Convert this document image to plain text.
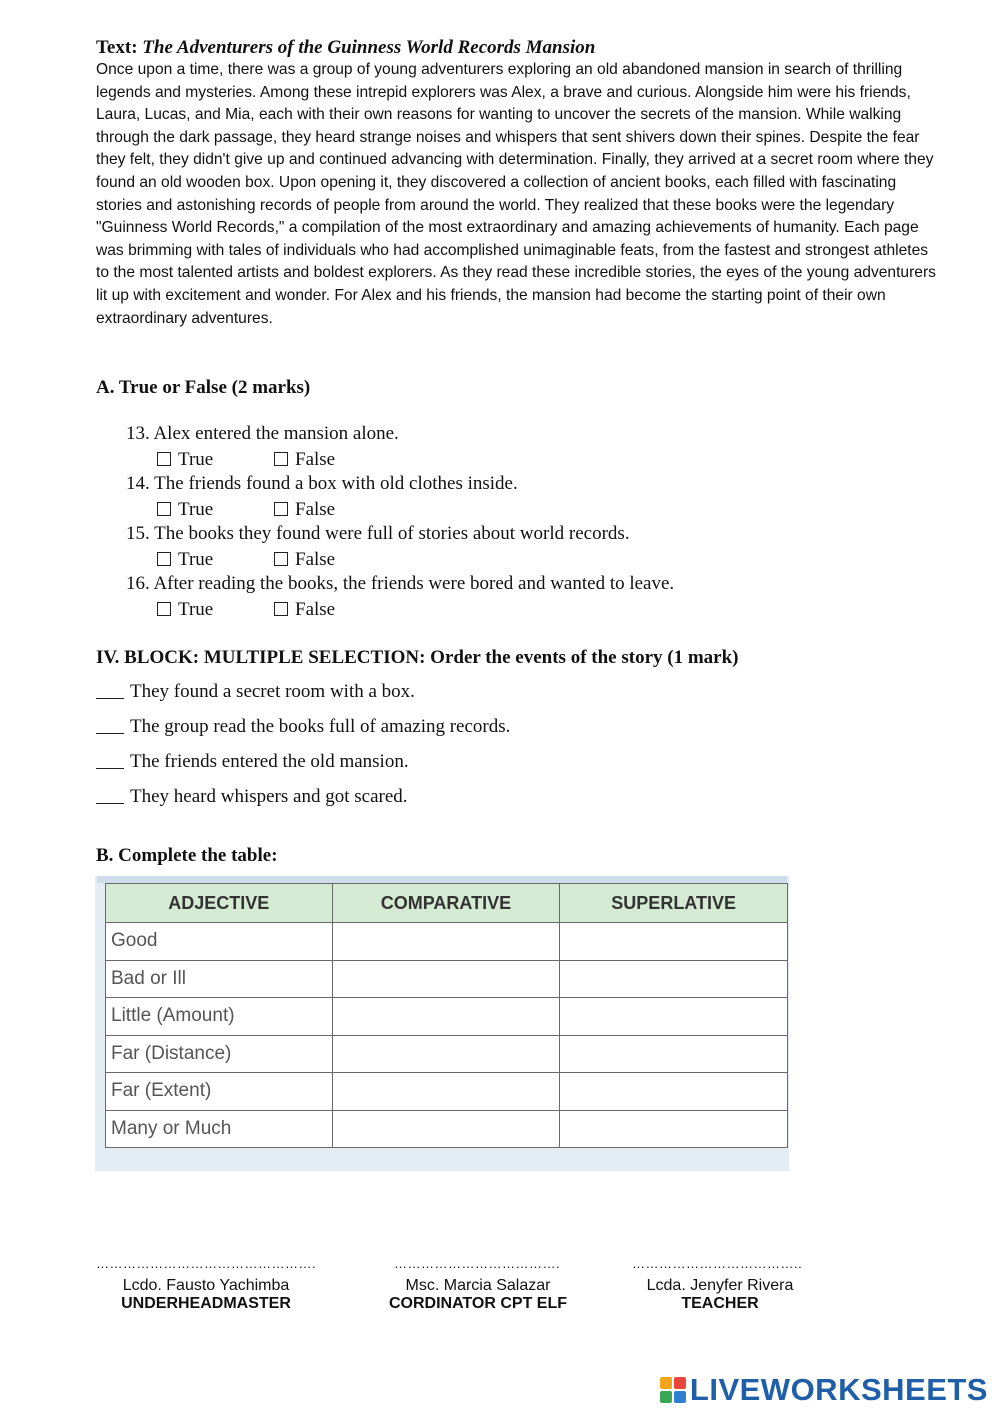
Text: The Adventurers of the Guinness World Records Mansion
Once upon a time, there was a group of young adventurers exploring an old abandoned mansion in search of thrilling legends and mysteries. Among these intrepid explorers was Alex, a brave and curious. Alongside him were his friends, Laura, Lucas, and Mia, each with their own reasons for wanting to uncover the secrets of the mansion. While walking through the dark passage, they heard strange noises and whispers that sent shivers down their spines. Despite the fear they felt, they didn't give up and continued advancing with determination. Finally, they arrived at a secret room where they found an old wooden box. Upon opening it, they discovered a collection of ancient books, each filled with fascinating stories and astonishing records of people from around the world. They realized that these books were the legendary "Guinness World Records," a compilation of the most extraordinary and amazing achievements of humanity. Each page was brimming with tales of individuals who had accomplished unimaginable feats, from the fastest and strongest athletes to the most talented artists and boldest explorers. As they read these incredible stories, the eyes of the young adventurers lit up with excitement and wonder. For Alex and his friends, the mansion had become the starting point of their own extraordinary adventures.
A. True or False (2 marks)
13. Alex entered the mansion alone.
True	False
14. The friends found a box with old clothes inside.
True	False
15. The books they found were full of stories about world records.
True	False
16. After reading the books, the friends were bored and wanted to leave.
True	False
IV. BLOCK: MULTIPLE SELECTION: Order the events of the story (1 mark)
They found a secret room with a box.
The group read the books full of amazing records.
The friends entered the old mansion.
They heard whispers and got scared.
B. Complete the table:
ADJECTIVE	COMPARATIVE	SUPERLATIVE
Good		
Bad or Ill		
Little (Amount)		
Far (Distance)		
Far (Extent)		
Many or Much		
………………………………………….
Lcdo. Fausto Yachimba
UNDERHEADMASTER
……………………………….
Msc. Marcia Salazar
CORDINATOR CPT ELF
………………………………..
Lcda. Jenyfer Rivera
TEACHER
LIVEWORKSHEETS
